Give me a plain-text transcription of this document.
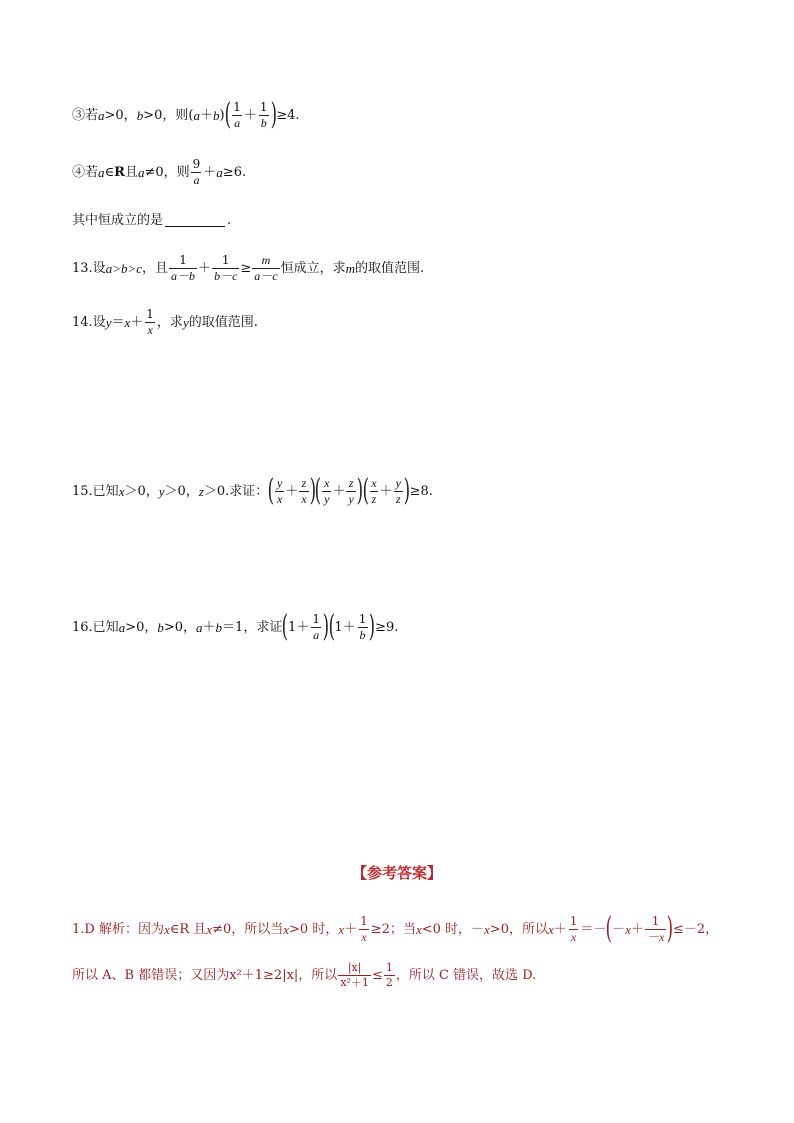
③若 a >0， b >0，则( a ＋ b ) ( $\frac{1}{a} + \frac{1}{b}$ ) ≥4.
④若 a ∈ R 且 a ≠0，则 $\frac{9}{a} + a \ge 6$.
其中恒成立的是	.
13.设 a>b>c ，且 $\frac{1}{a-b} + \frac{1}{b-c} \ge \frac{m}{a-c}$ 恒成立，求 m 的取值范围.
14.设 $y = x + \frac{1}{x}$ ，求 y 的取值范围.
15.已知 x ＞0， y ＞0， z ＞0.求证： ( $\frac{y}{x} + \frac{z}{x}$ ) ( $\frac{x}{y} + \frac{z}{y}$ ) ( $\frac{x}{z} + \frac{y}{z}$ ) ≥8.
16.已知 a >0， b >0， a ＋ b ＝1，求证 ( $1+ \frac{1}{a}$ ) ( $1+ \frac{1}{b}$ ) ≥9.
【参考答案】
1.D 解析：因为 x ∈R 且 x ≠0，所以当 x >0 时， $x + \frac{1}{x} \ge 2$；当 x <0 时，－ x >0，所以 $x + \frac{1}{x}$ ＝－ ( － $x + \frac{1}{-x}$ ) ≤－2，
所以 A、B 都错误；又因为 x²＋1≥2|x| ，所以 $\frac{|x|}{\text{x²＋1}} \le \frac{1}{2}$ ，所以 C 错误，故选 D.
